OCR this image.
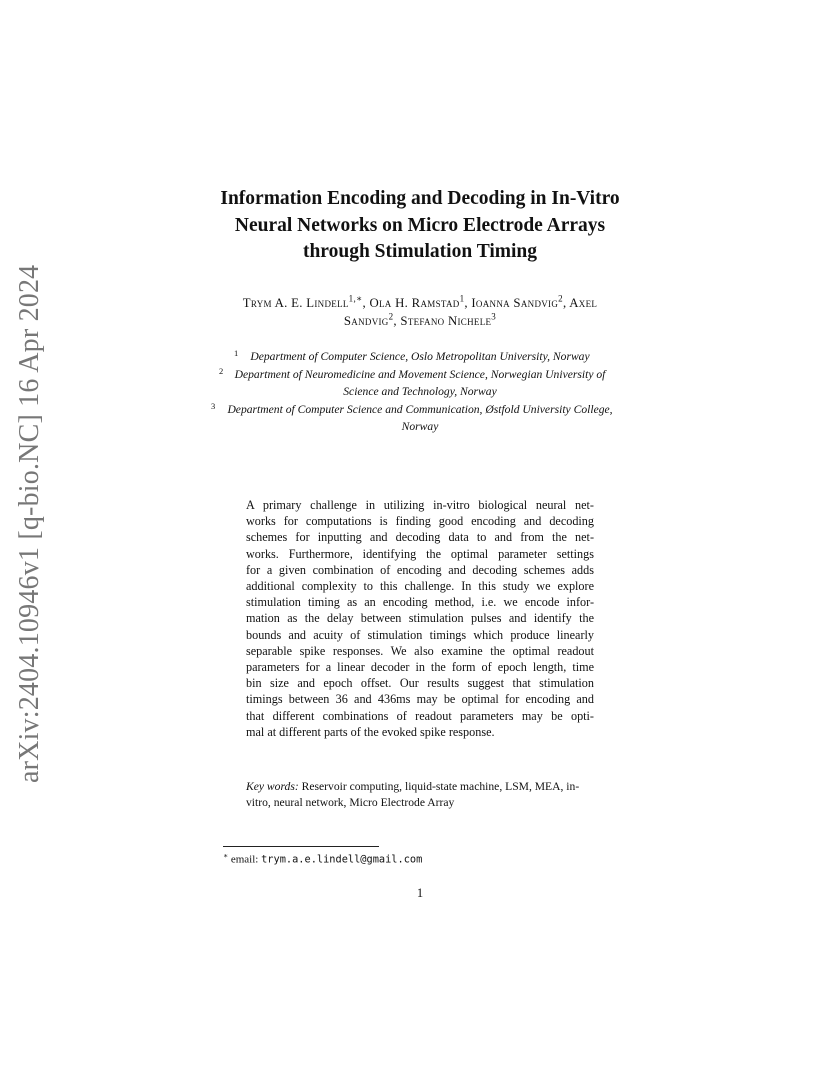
arXiv:2404.10946v1 [q-bio.NC] 16 Apr 2024
Information Encoding and Decoding in In-Vitro
Neural Networks on Micro Electrode Arrays
through Stimulation Timing
Trym A. E. Lindell$^{1,∗}$, Ola H. Ramstad$^1$, Ioanna Sandvig$^2$, Axel
Sandvig$^2$, Stefano Nichele$^3$
1	Department of Computer Science, Oslo Metropolitan University, Norway
2 Department of Neuromedicine and Movement Science, Norwegian University of
Science and Technology, Norway
3	Department of Computer Science and Communication, Østfold University College,
Norway
A primary challenge in utilizing in-vitro biological neural net-
works for computations is finding good encoding and decoding
schemes for inputting and decoding data to and from the net-
works. Furthermore, identifying the optimal parameter settings
for a given combination of encoding and decoding schemes adds
additional complexity to this challenge. In this study we explore
stimulation timing as an encoding method, i.e. we encode infor-
mation as the delay between stimulation pulses and identify the
bounds and acuity of stimulation timings which produce linearly
separable spike responses. We also examine the optimal readout
parameters for a linear decoder in the form of epoch length, time
bin size and epoch offset. Our results suggest that stimulation
timings between 36 and 436ms may be optimal for encoding and
that different combinations of readout parameters may be opti-
mal at different parts of the evoked spike response.
Key words: Reservoir computing, liquid-state machine, LSM, MEA, in-
vitro, neural network, Micro Electrode Array
∗ email: trym.a.e.lindell@gmail.com
1
